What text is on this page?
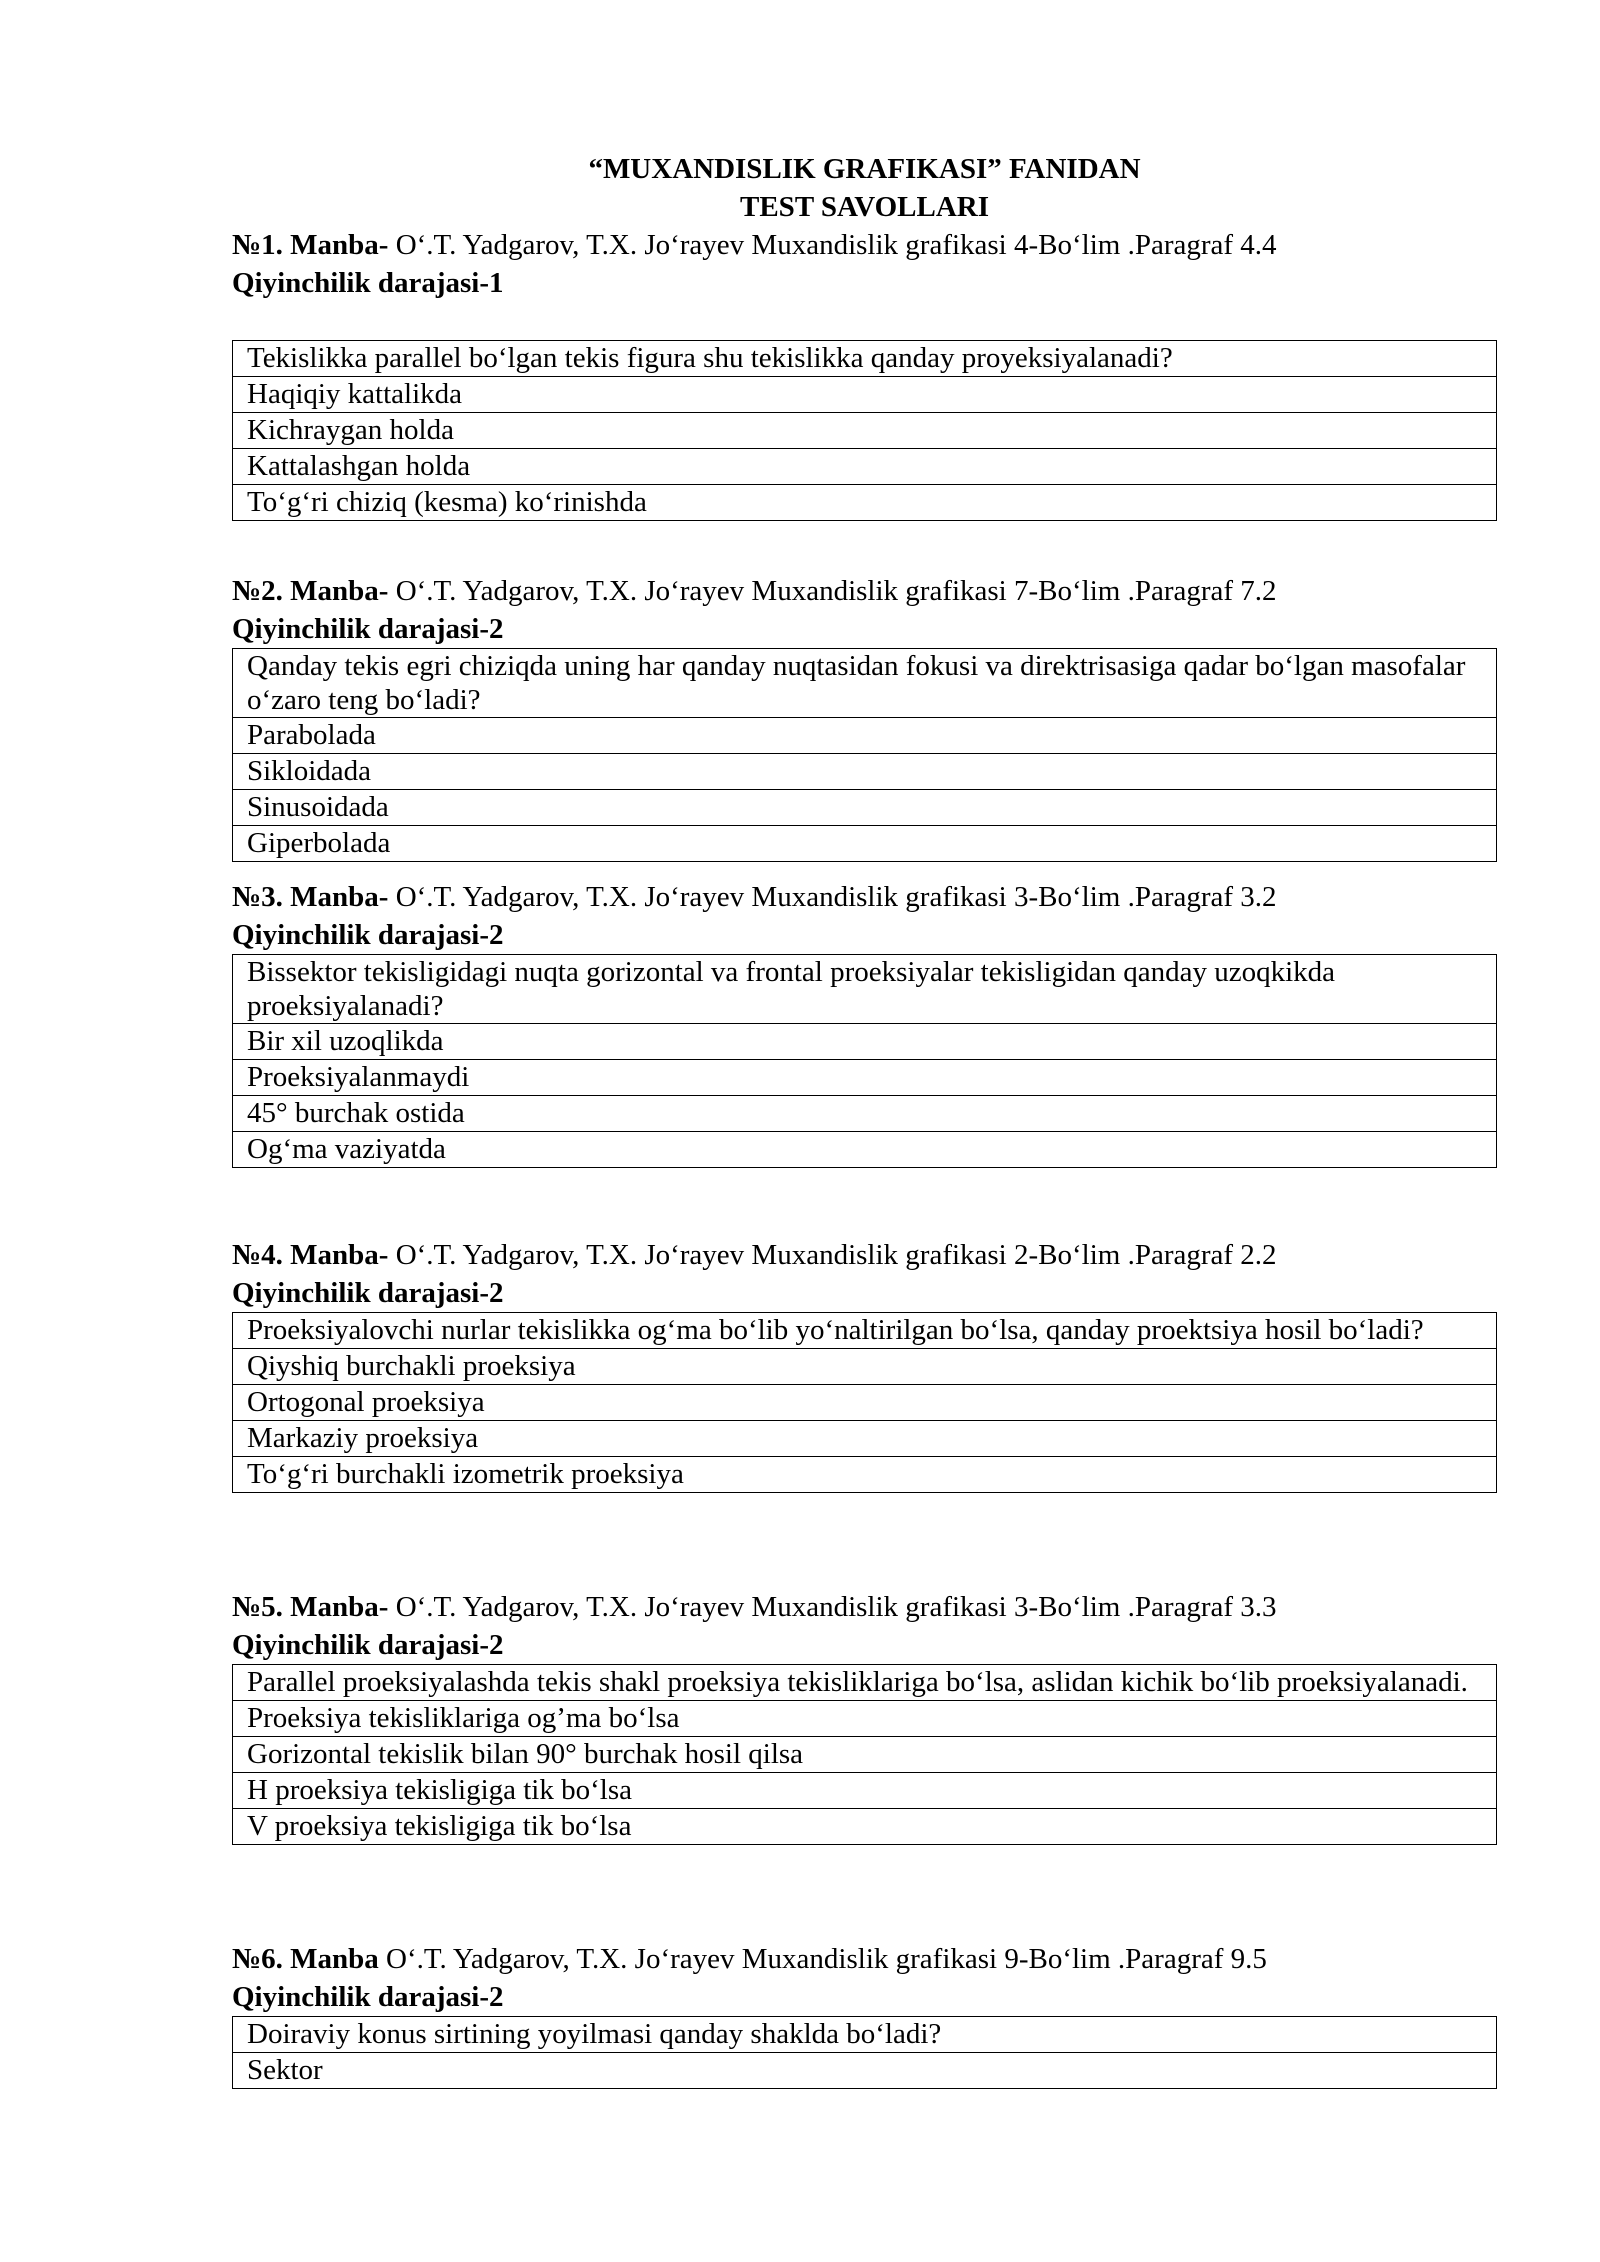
“MUXANDISLIK GRAFIKASI” FANIDAN
TEST SAVOLLARI
№1. Manba- O‘.T. Yadgarov, T.X. Jo‘rayev Muxandislik grafikasi 4-Bo‘lim .Paragraf 4.4
Qiyinchilik darajasi-1
Tekislikka parallel bo‘lgan tekis figura shu tekislikka qanday proyeksiyalanadi?
Haqiqiy kattalikda
Kichraygan holda
Kattalashgan holda
To‘g‘ri chiziq (kesma) ko‘rinishda
№2. Manba- O‘.T. Yadgarov, T.X. Jo‘rayev Muxandislik grafikasi 7-Bo‘lim .Paragraf 7.2
Qiyinchilik darajasi-2
Qanday tekis egri chiziqda uning har qanday nuqtasidan fokusi va direktrisasiga qadar bo‘lgan masofalar o‘zaro teng bo‘ladi?
Parabolada
Sikloidada
Sinusoidada
Giperbolada
№3. Manba- O‘.T. Yadgarov, T.X. Jo‘rayev Muxandislik grafikasi 3-Bo‘lim .Paragraf 3.2
Qiyinchilik darajasi-2
Bissektor tekisligidagi nuqta gorizontal va frontal proeksiyalar tekisligidan qanday uzoqkikda proeksiyalanadi?
Bir xil uzoqlikda
Proeksiyalanmaydi
45° burchak ostida
Og‘ma vaziyatda
№4. Manba- O‘.T. Yadgarov, T.X. Jo‘rayev Muxandislik grafikasi 2-Bo‘lim .Paragraf 2.2
Qiyinchilik darajasi-2
Proeksiyalovchi nurlar tekislikka og‘ma bo‘lib yo‘naltirilgan bo‘lsa, qanday proektsiya hosil bo‘ladi?
Qiyshiq burchakli proeksiya
Ortogonal proeksiya
Markaziy proeksiya
To‘g‘ri burchakli izometrik proeksiya
№5. Manba- O‘.T. Yadgarov, T.X. Jo‘rayev Muxandislik grafikasi 3-Bo‘lim .Paragraf 3.3
Qiyinchilik darajasi-2
Parallel proeksiyalashda tekis shakl proeksiya tekisliklariga bo‘lsa, aslidan kichik bo‘lib proeksiyalanadi.
Proeksiya tekisliklariga og’ma bo‘lsa
Gorizontal tekislik bilan 90° burchak hosil qilsa
H proeksiya tekisligiga tik bo‘lsa
V proeksiya tekisligiga tik bo‘lsa
№6. Manba O‘.T. Yadgarov, T.X. Jo‘rayev Muxandislik grafikasi 9-Bo‘lim .Paragraf 9.5
Qiyinchilik darajasi-2
Doiraviy konus sirtining yoyilmasi qanday shaklda bo‘ladi?
Sektor
